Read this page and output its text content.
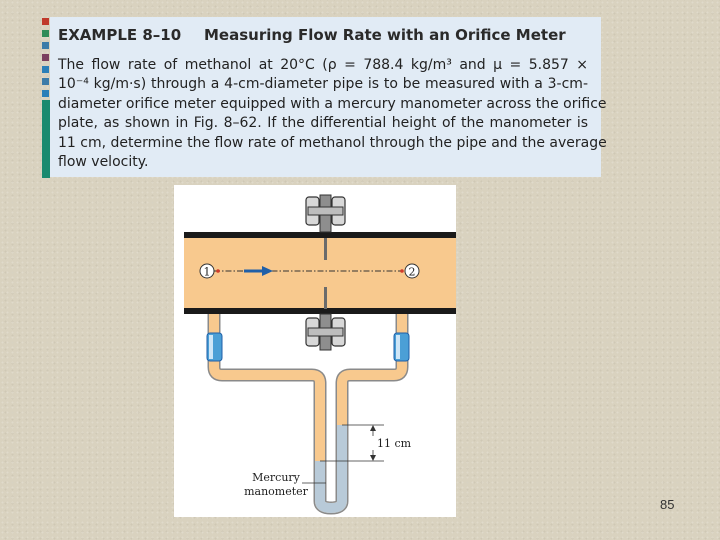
EXAMPLE 8–10 Measuring Flow Rate with an Orifice Meter
The flow rate of methanol at 20°C (ρ = 788.4 kg/m³ and μ = 5.857 ×
10⁻⁴ kg/m·s) through a 4-cm-diameter pipe is to be measured with a 3-cm-
diameter orifice meter equipped with a mercury manometer across the orifice
plate, as shown in Fig. 8–62. If the differential height of the manometer is
11 cm, determine the flow rate of methanol through the pipe and the average
flow velocity.
1	2
11 cm
Mercury
manometer
85
